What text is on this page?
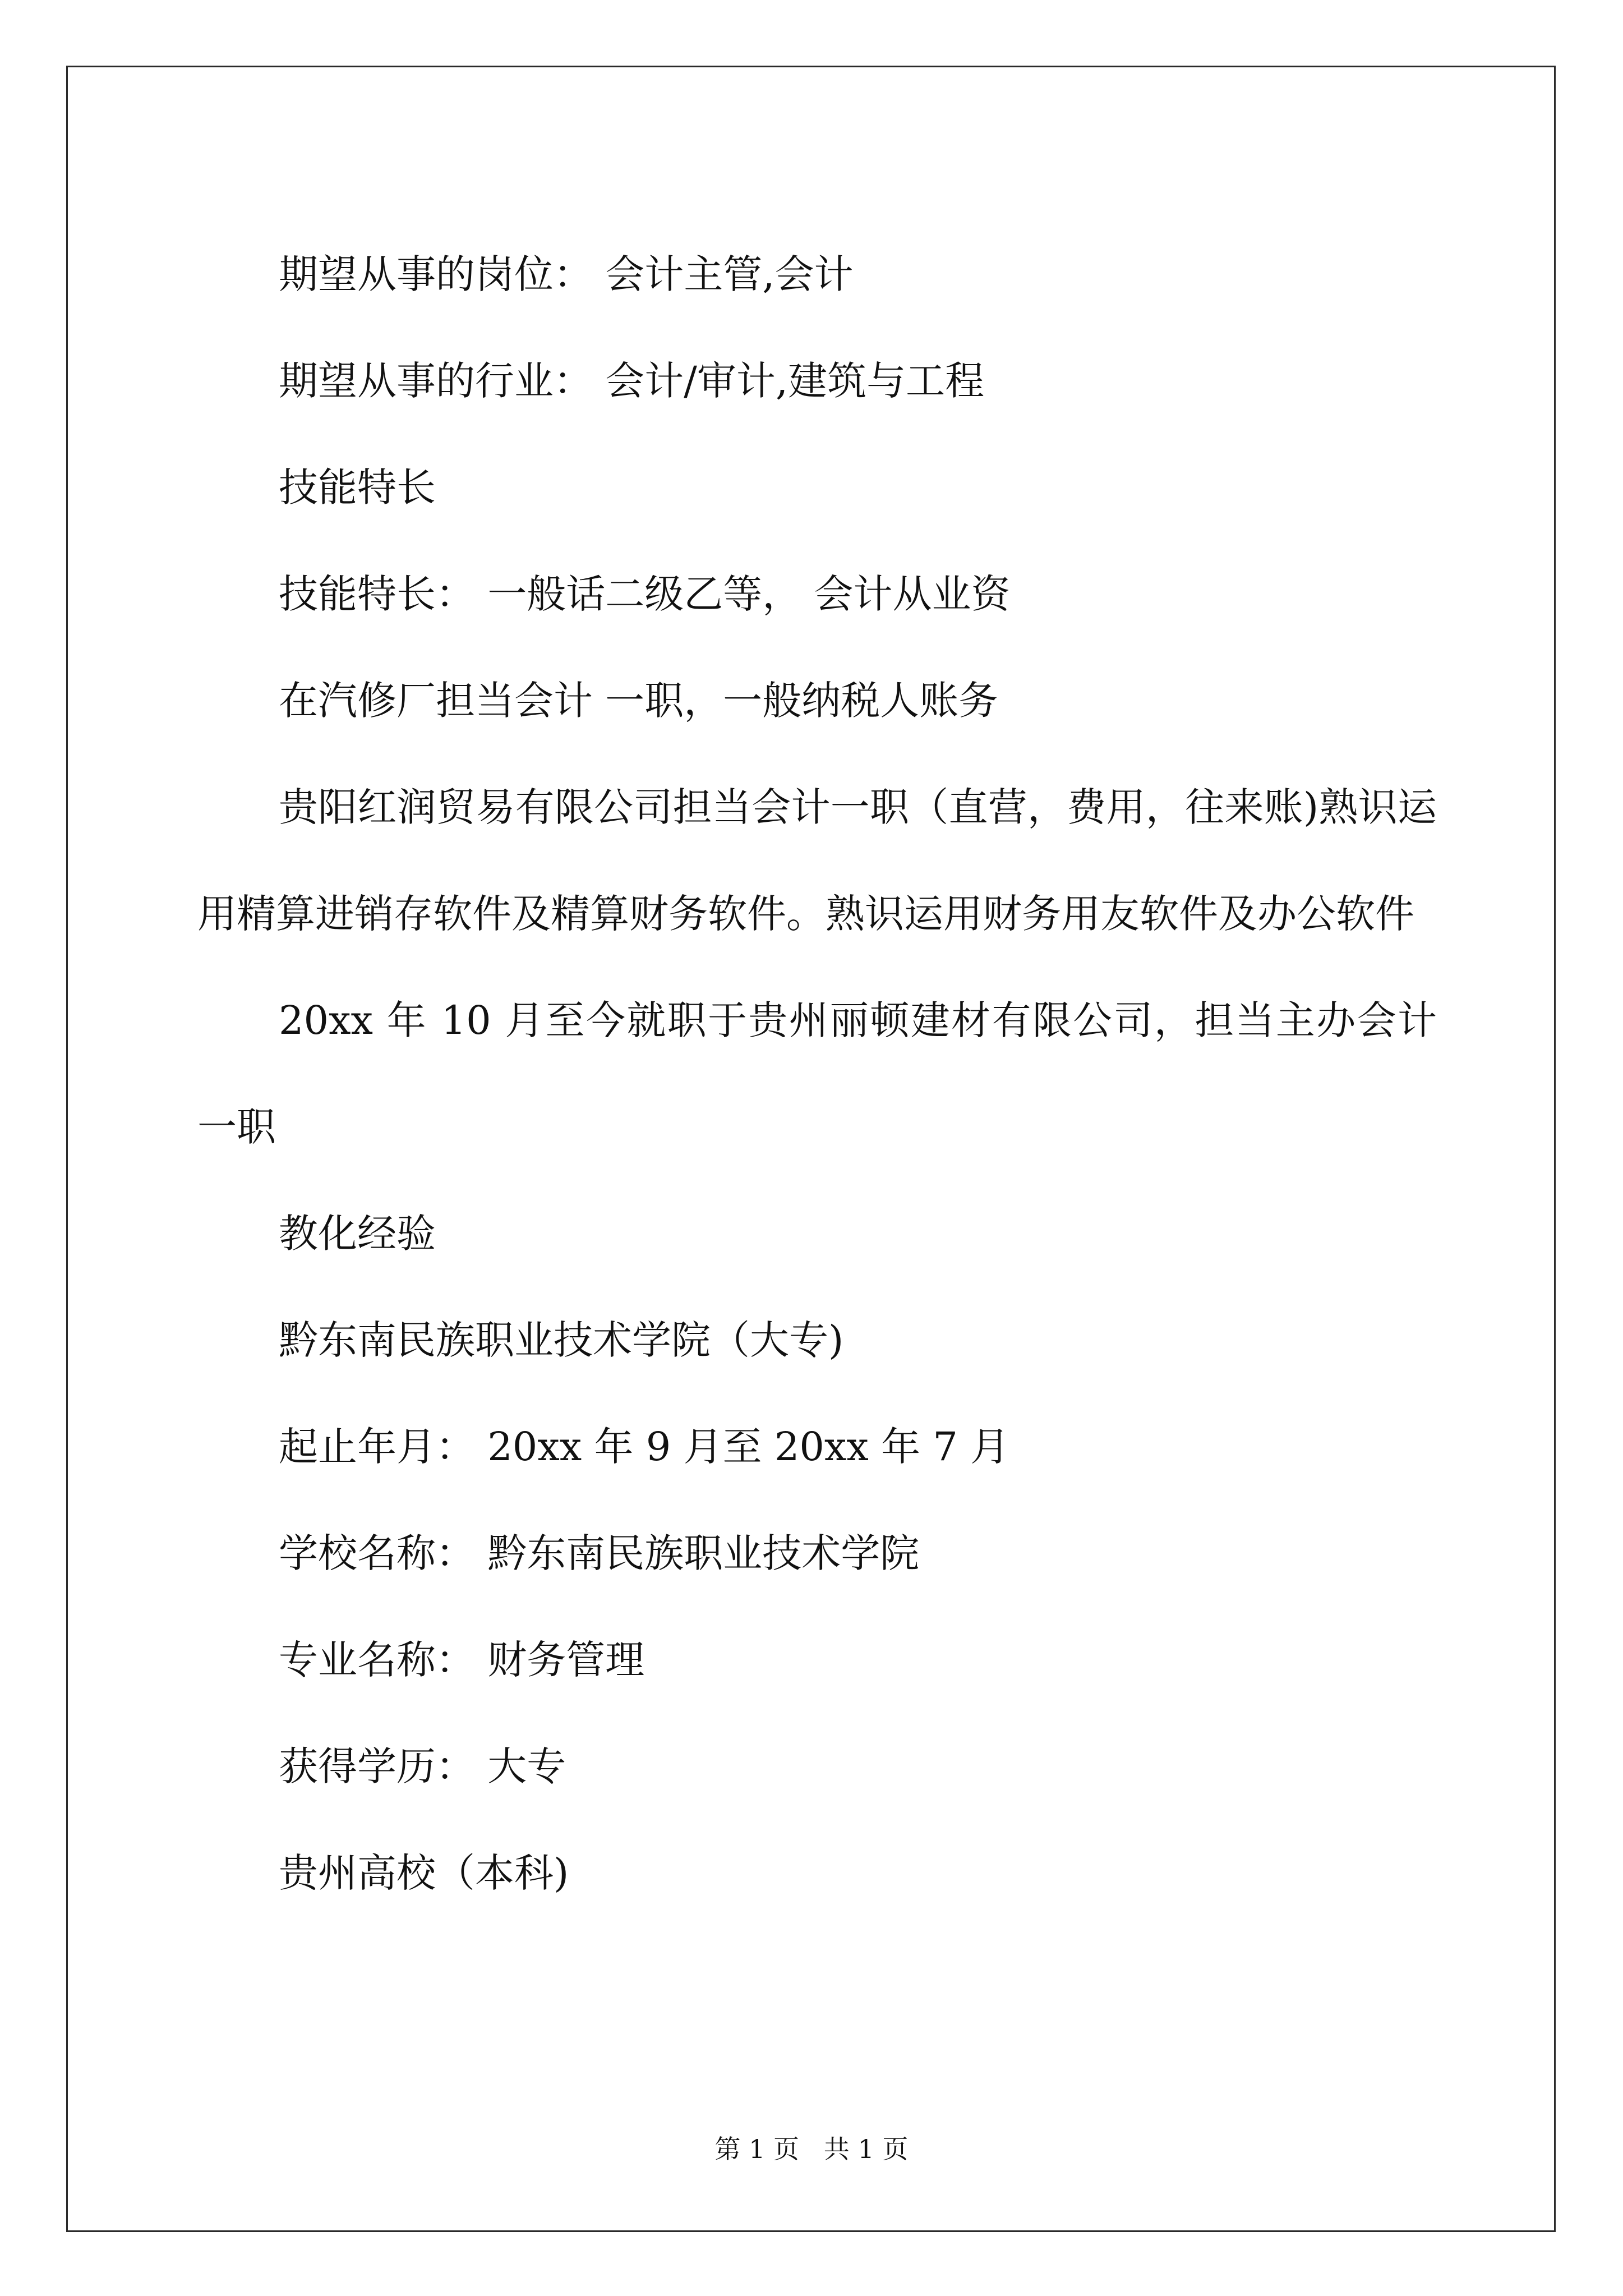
期望从事的岗位： 会计主管,会计

期望从事的行业： 会计/审计,建筑与工程

技能特长

技能特长： 一般话二级乙等， 会计从业资

在汽修厂担当会计 一职，一般纳税人账务

贵阳红润贸易有限公司担当会计一职（直营，费用，往来账)熟识运用精算进销存软件及精算财务软件。熟识运用财务用友软件及办公软件

20xx 年 10 月至今就职于贵州丽顿建材有限公司，担当主办会计一职

教化经验

黔东南民族职业技术学院（大专)

起止年月： 20xx 年 9 月至 20xx 年 7 月

学校名称： 黔东南民族职业技术学院

专业名称： 财务管理

获得学历： 大专

贵州高校（本科)

第 1 页   共 1 页
